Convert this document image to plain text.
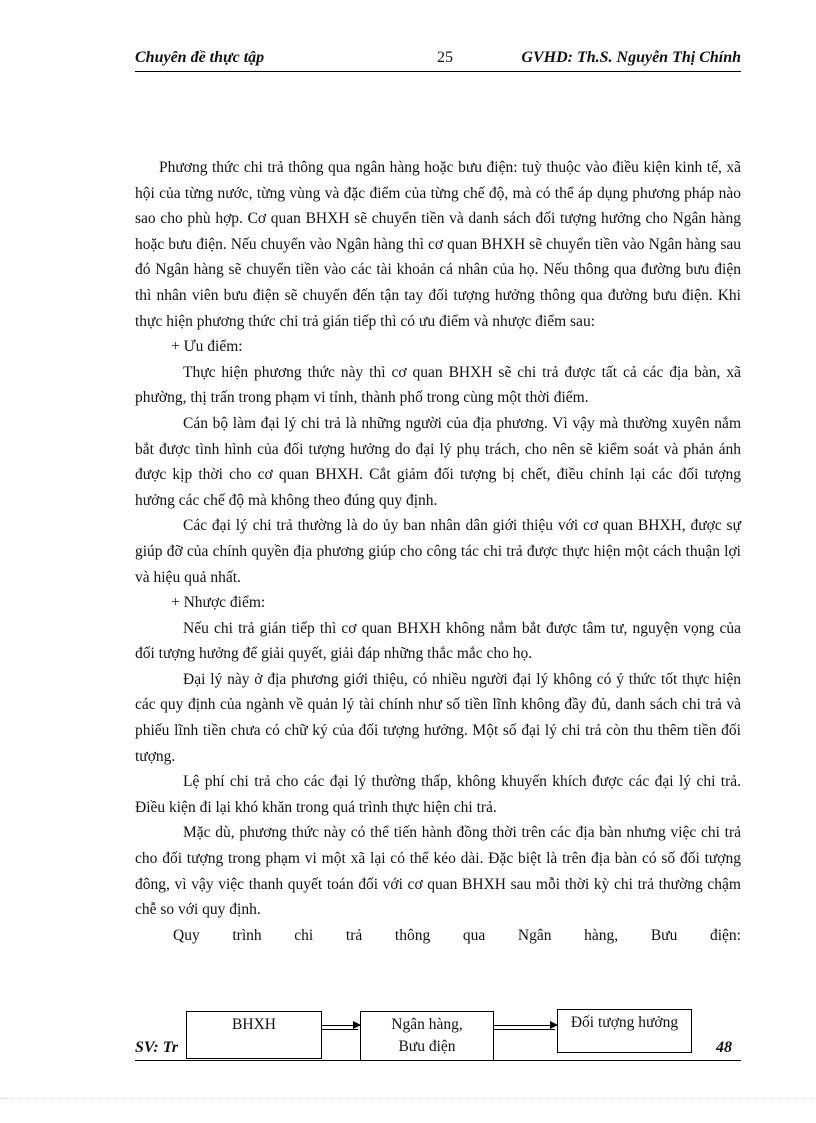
Chuyên đề thực tập	25	GVHD: Th.S. Nguyễn Thị Chính

Phương thức chi trả thông qua ngân hàng hoặc bưu điện: tuỳ thuộc vào điều kiện kinh tế, xã hội của từng nước, từng vùng và đặc điểm của từng chế độ, mà có thể áp dụng phương pháp nào sao cho phù hợp. Cơ quan BHXH sẽ chuyển tiền và danh sách đối tượng hưởng cho Ngân hàng hoặc bưu điện. Nếu chuyển vào Ngân hàng thì cơ quan BHXH sẽ chuyển tiền vào Ngân hàng sau đó Ngân hàng sẽ chuyển tiền vào các tài khoản cá nhân của họ. Nếu thông qua đường bưu điện thì nhân viên bưu điện sẽ chuyển đến tận tay đối tượng hưởng thông qua đường bưu điện. Khi thực hiện phương thức chi trả gián tiếp thì có ưu điểm và nhược điểm sau:

+ Ưu điểm:

Thực hiện phương thức này thì cơ quan BHXH sẽ chi trả được tất cả các địa bàn, xã phường, thị trấn trong phạm vi tỉnh, thành phố trong cùng một thời điểm.

Cán bộ làm đại lý chi trả là những người của địa phương. Vì vậy mà thường xuyên nắm bắt được tình hình của đối tượng hưởng do đại lý phụ trách, cho nên sẽ kiểm soát và phản ánh được kịp thời cho cơ quan BHXH. Cắt giảm đối tượng bị chết, điều chỉnh lại các đối tượng hưởng các chế độ mà không theo đúng quy định.

Các đại lý chi trả thường là do ủy ban nhân dân giới thiệu với cơ quan BHXH, được sự giúp đỡ của chính quyền địa phương giúp cho công tác chi trả được thực hiện một cách thuận lợi và hiệu quả nhất.

+ Nhược điểm:

Nếu chi trả gián tiếp thì cơ quan BHXH không nắm bắt được tâm tư, nguyện vọng của đối tượng hưởng để giải quyết, giải đáp những thắc mắc cho họ.

Đại lý này ở địa phương giới thiệu, có nhiều người đại lý không có ý thức tốt thực hiện các quy định của ngành về quản lý tài chính như số tiền lĩnh không đầy đủ, danh sách chi trả và phiếu lĩnh tiền chưa có chữ ký của đối tượng hưởng. Một số đại lý chi trả còn thu thêm tiền đối tượng.

Lệ phí chi trả cho các đại lý thường thấp, không khuyến khích được các đại lý chi trả. Điều kiện đi lại khó khăn trong quá trình thực hiện chi trả.

Mặc dù, phương thức này có thể tiến hành đồng thời trên các địa bàn nhưng việc chi trả cho đối tượng trong phạm vi một xã lại có thể kéo dài. Đặc biệt là trên địa bàn có số đối tượng đông, vì vậy việc thanh quyết toán đối với cơ quan BHXH sau mỗi thời kỳ chi trả thường chậm chễ so với quy định.

Quy trình chi trả thông qua Ngân hàng, Bưu điện:
SV: Tr	48
BHXH	Ngân hàng,
Bưu điện
Đối tượng hưởng
